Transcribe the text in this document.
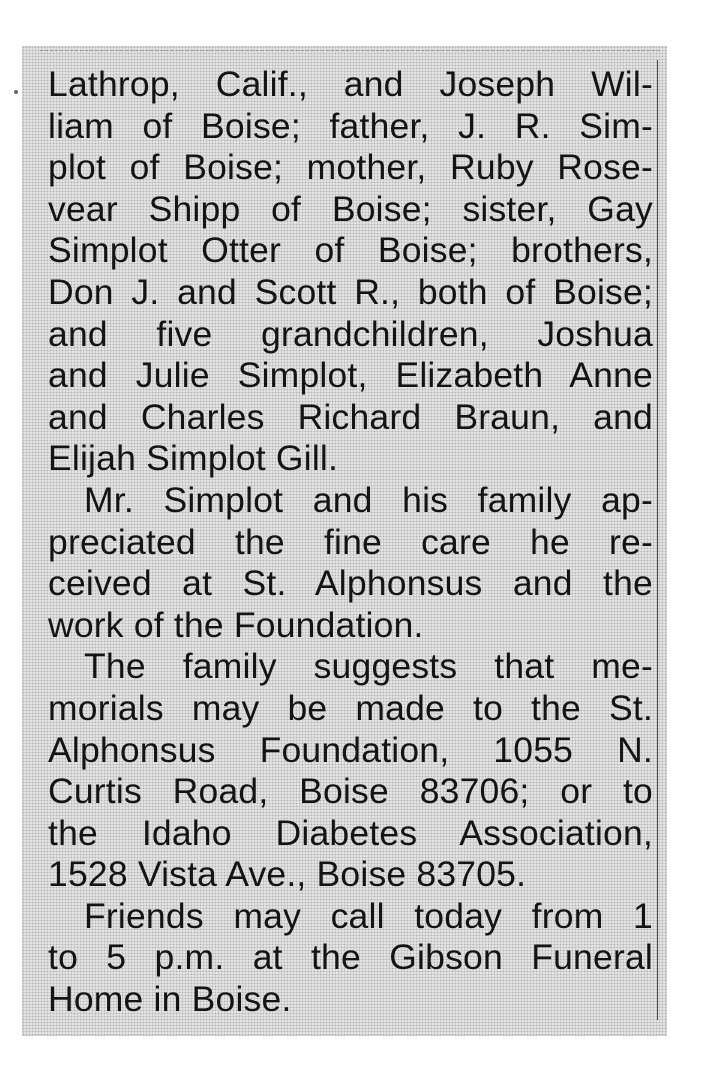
Lathrop, Calif., and Joseph Wil-
liam of Boise; father, J. R. Sim-
plot of Boise; mother, Ruby Rose-
vear Shipp of Boise; sister, Gay
Simplot Otter of Boise; brothers,
Don J. and Scott R., both of Boise;
and five grandchildren, Joshua
and Julie Simplot, Elizabeth Anne
and Charles Richard Braun, and
Elijah Simplot Gill.
Mr. Simplot and his family ap-
preciated the fine care he re-
ceived at St. Alphonsus and the
work of the Foundation.
The family suggests that me-
morials may be made to the St.
Alphonsus Foundation, 1055 N.
Curtis Road, Boise 83706; or to
the Idaho Diabetes Association,
1528 Vista Ave., Boise 83705.
Friends may call today from 1
to 5 p.m. at the Gibson Funeral
Home in Boise.
